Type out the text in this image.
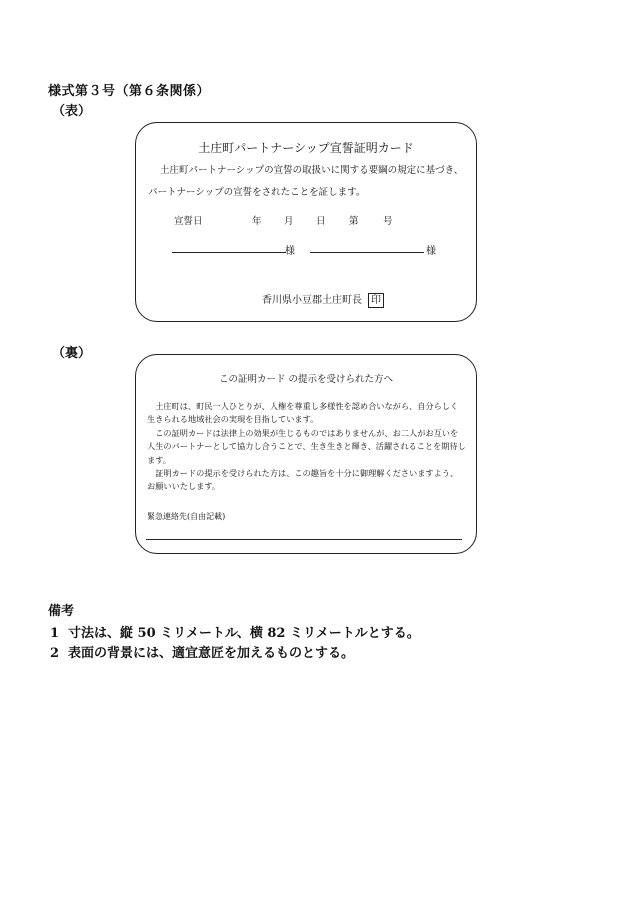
様式第３号（第６条関係）
（表）
土庄町パートナーシップ宣誓証明カード
土庄町パートナーシップの宣誓の取扱いに関する要綱の規定に基づき、
パートナーシップの宣誓をされたことを証します。
宣誓日	年 月 日 第	号
様	様
香川県小豆郡土庄町長 印
（裏）
この証明カード の提示を受けられた方へ

土庄町は、町民一人ひとりが、人権を尊重し多様性を認め合いながら、自分らしく生きられる地域社会の実現を目指しています。

この証明カードは法律上の効果が生じるものではありませんが、お二人がお互いを人生のパートナーとして協力し合うことで、生き生きと輝き、活躍されることを期待します。

証明カードの提示を受けられた方は、この趣旨を十分に御理解くださいますよう、お願いいたします。

緊急連絡先(自由記載)
備考
1 寸法は、縦 50 ミリメートル、横 82 ミリメートルとする。
2 表面の背景には、適宜意匠を加えるものとする。
